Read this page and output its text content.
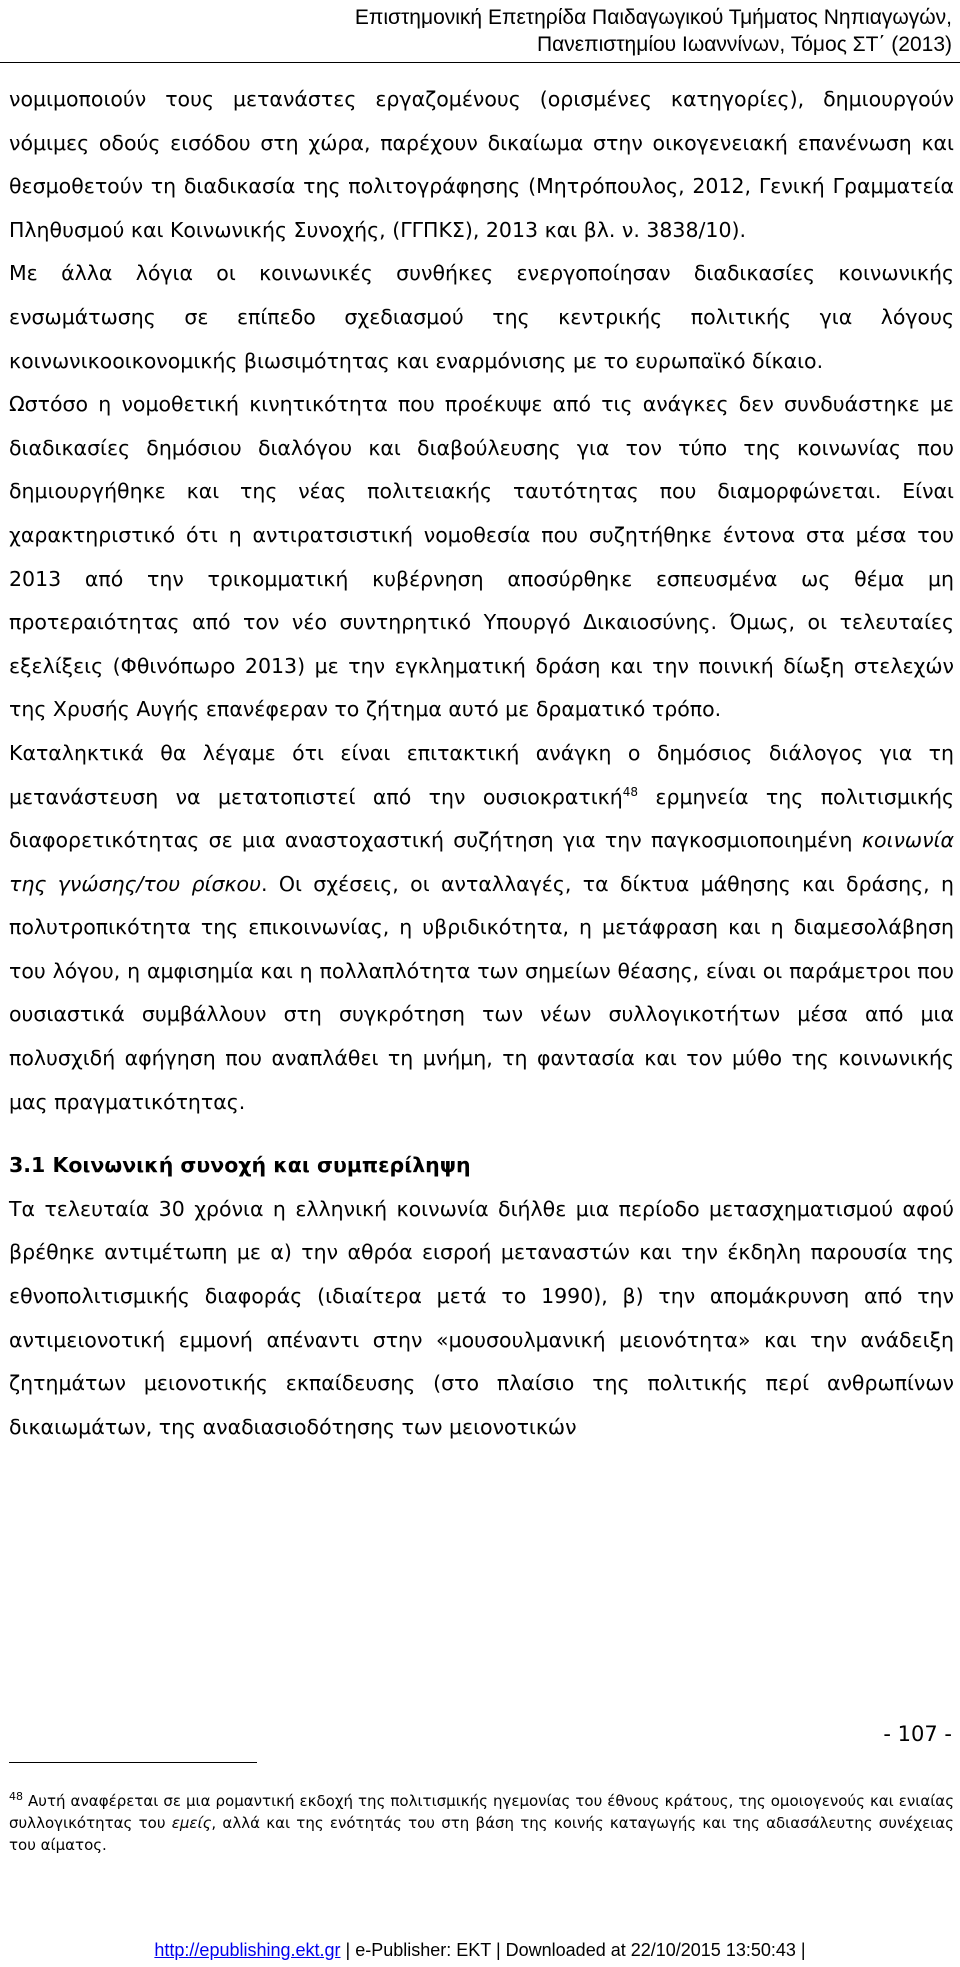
Επιστημονική Επετηρίδα Παιδαγωγικού Τμήματος Νηπιαγωγών,
Πανεπιστημίου Ιωαννίνων, Τόμος ΣΤ΄ (2013)

νομιμοποιούν τους μετανάστες εργαζομένους (ορισμένες κατηγορίες), δημιουργούν νόμιμες οδούς εισόδου στη χώρα, παρέχουν δικαίωμα στην οικογενειακή επανένωση και θεσμοθετούν τη διαδικασία της πολιτογράφησης (Μητρόπουλος, 2012, Γενική Γραμματεία Πληθυσμού και Κοινωνικής Συνοχής, (ΓΓΠΚΣ), 2013 και βλ. ν. 3838/10).

Με άλλα λόγια οι κοινωνικές συνθήκες ενεργοποίησαν διαδικασίες κοινωνικής ενσωμάτωσης σε επίπεδο σχεδιασμού της κεντρικής πολιτικής για λόγους κοινωνικοοικονομικής βιωσιμότητας και εναρμόνισης με το ευρωπαϊκό δίκαιο.

Ωστόσο η νομοθετική κινητικότητα που προέκυψε από τις ανάγκες δεν συνδυάστηκε με διαδικασίες δημόσιου διαλόγου και διαβούλευσης για τον τύπο της κοινωνίας που δημιουργήθηκε και της νέας πολιτειακής ταυτότητας που διαμορφώνεται. Είναι χαρακτηριστικό ότι η αντιρατσιστική νομοθεσία που συζητήθηκε έντονα στα μέσα του 2013 από την τρικομματική κυβέρνηση αποσύρθηκε εσπευσμένα ως θέμα μη προτεραιότητας από τον νέο συντηρητικό Υπουργό Δικαιοσύνης. Όμως, οι τελευταίες εξελίξεις (Φθινόπωρο 2013) με την εγκληματική δράση και την ποινική δίωξη στελεχών της Χρυσής Αυγής επανέφεραν το ζήτημα αυτό με δραματικό τρόπο.

Καταληκτικά θα λέγαμε ότι είναι επιτακτική ανάγκη ο δημόσιος διάλογος για τη μετανάστευση να μετατοπιστεί από την ουσιοκρατική$^{48}$ ερμηνεία της πολιτισμικής διαφορετικότητας σε μια αναστοχαστική συζήτηση για την παγκοσμιοποιημένη κοινωνία της γνώσης/του ρίσκου. Οι σχέσεις, οι ανταλλαγές, τα δίκτυα μάθησης και δράσης, η πολυτροπικότητα της επικοινωνίας, η υβριδικότητα, η μετάφραση και η διαμεσολάβηση του λόγου, η αμφισημία και η πολλαπλότητα των σημείων θέασης, είναι οι παράμετροι που ουσιαστικά συμβάλλουν στη συγκρότηση των νέων συλλογικοτήτων μέσα από μια πολυσχιδή αφήγηση που αναπλάθει τη μνήμη, τη φαντασία και τον μύθο της κοινωνικής μας πραγματικότητας.

3.1 Κοινωνική συνοχή και συμπερίληψη

Τα τελευταία 30 χρόνια η ελληνική κοινωνία διήλθε μια περίοδο μετασχηματισμού αφού βρέθηκε αντιμέτωπη με α) την αθρόα εισροή μεταναστών και την έκδηλη παρουσία της εθνοπολιτισμικής διαφοράς (ιδιαίτερα μετά το 1990), β) την απομάκρυνση από την αντιμειονοτική εμμονή απέναντι στην «μουσουλμανική μειονότητα» και την ανάδειξη ζητημάτων μειονοτικής εκπαίδευσης (στο πλαίσιο της πολιτικής περί ανθρωπίνων δικαιωμάτων, της αναδιασιοδότησης των μειονοτικών

- 107 -
$^{48}$ Αυτή αναφέρεται σε μια ρομαντική εκδοχή της πολιτισμικής ηγεμονίας του έθνους κράτους, της ομοιογενούς και ενιαίας συλλογικότητας του εμείς, αλλά και της ενότητάς του στη βάση της κοινής καταγωγής και της αδιασάλευτης συνέχειας του αίματος.
http://epublishing.ekt.gr | e-Publisher: EKT | Downloaded at 22/10/2015 13:50:43 |
